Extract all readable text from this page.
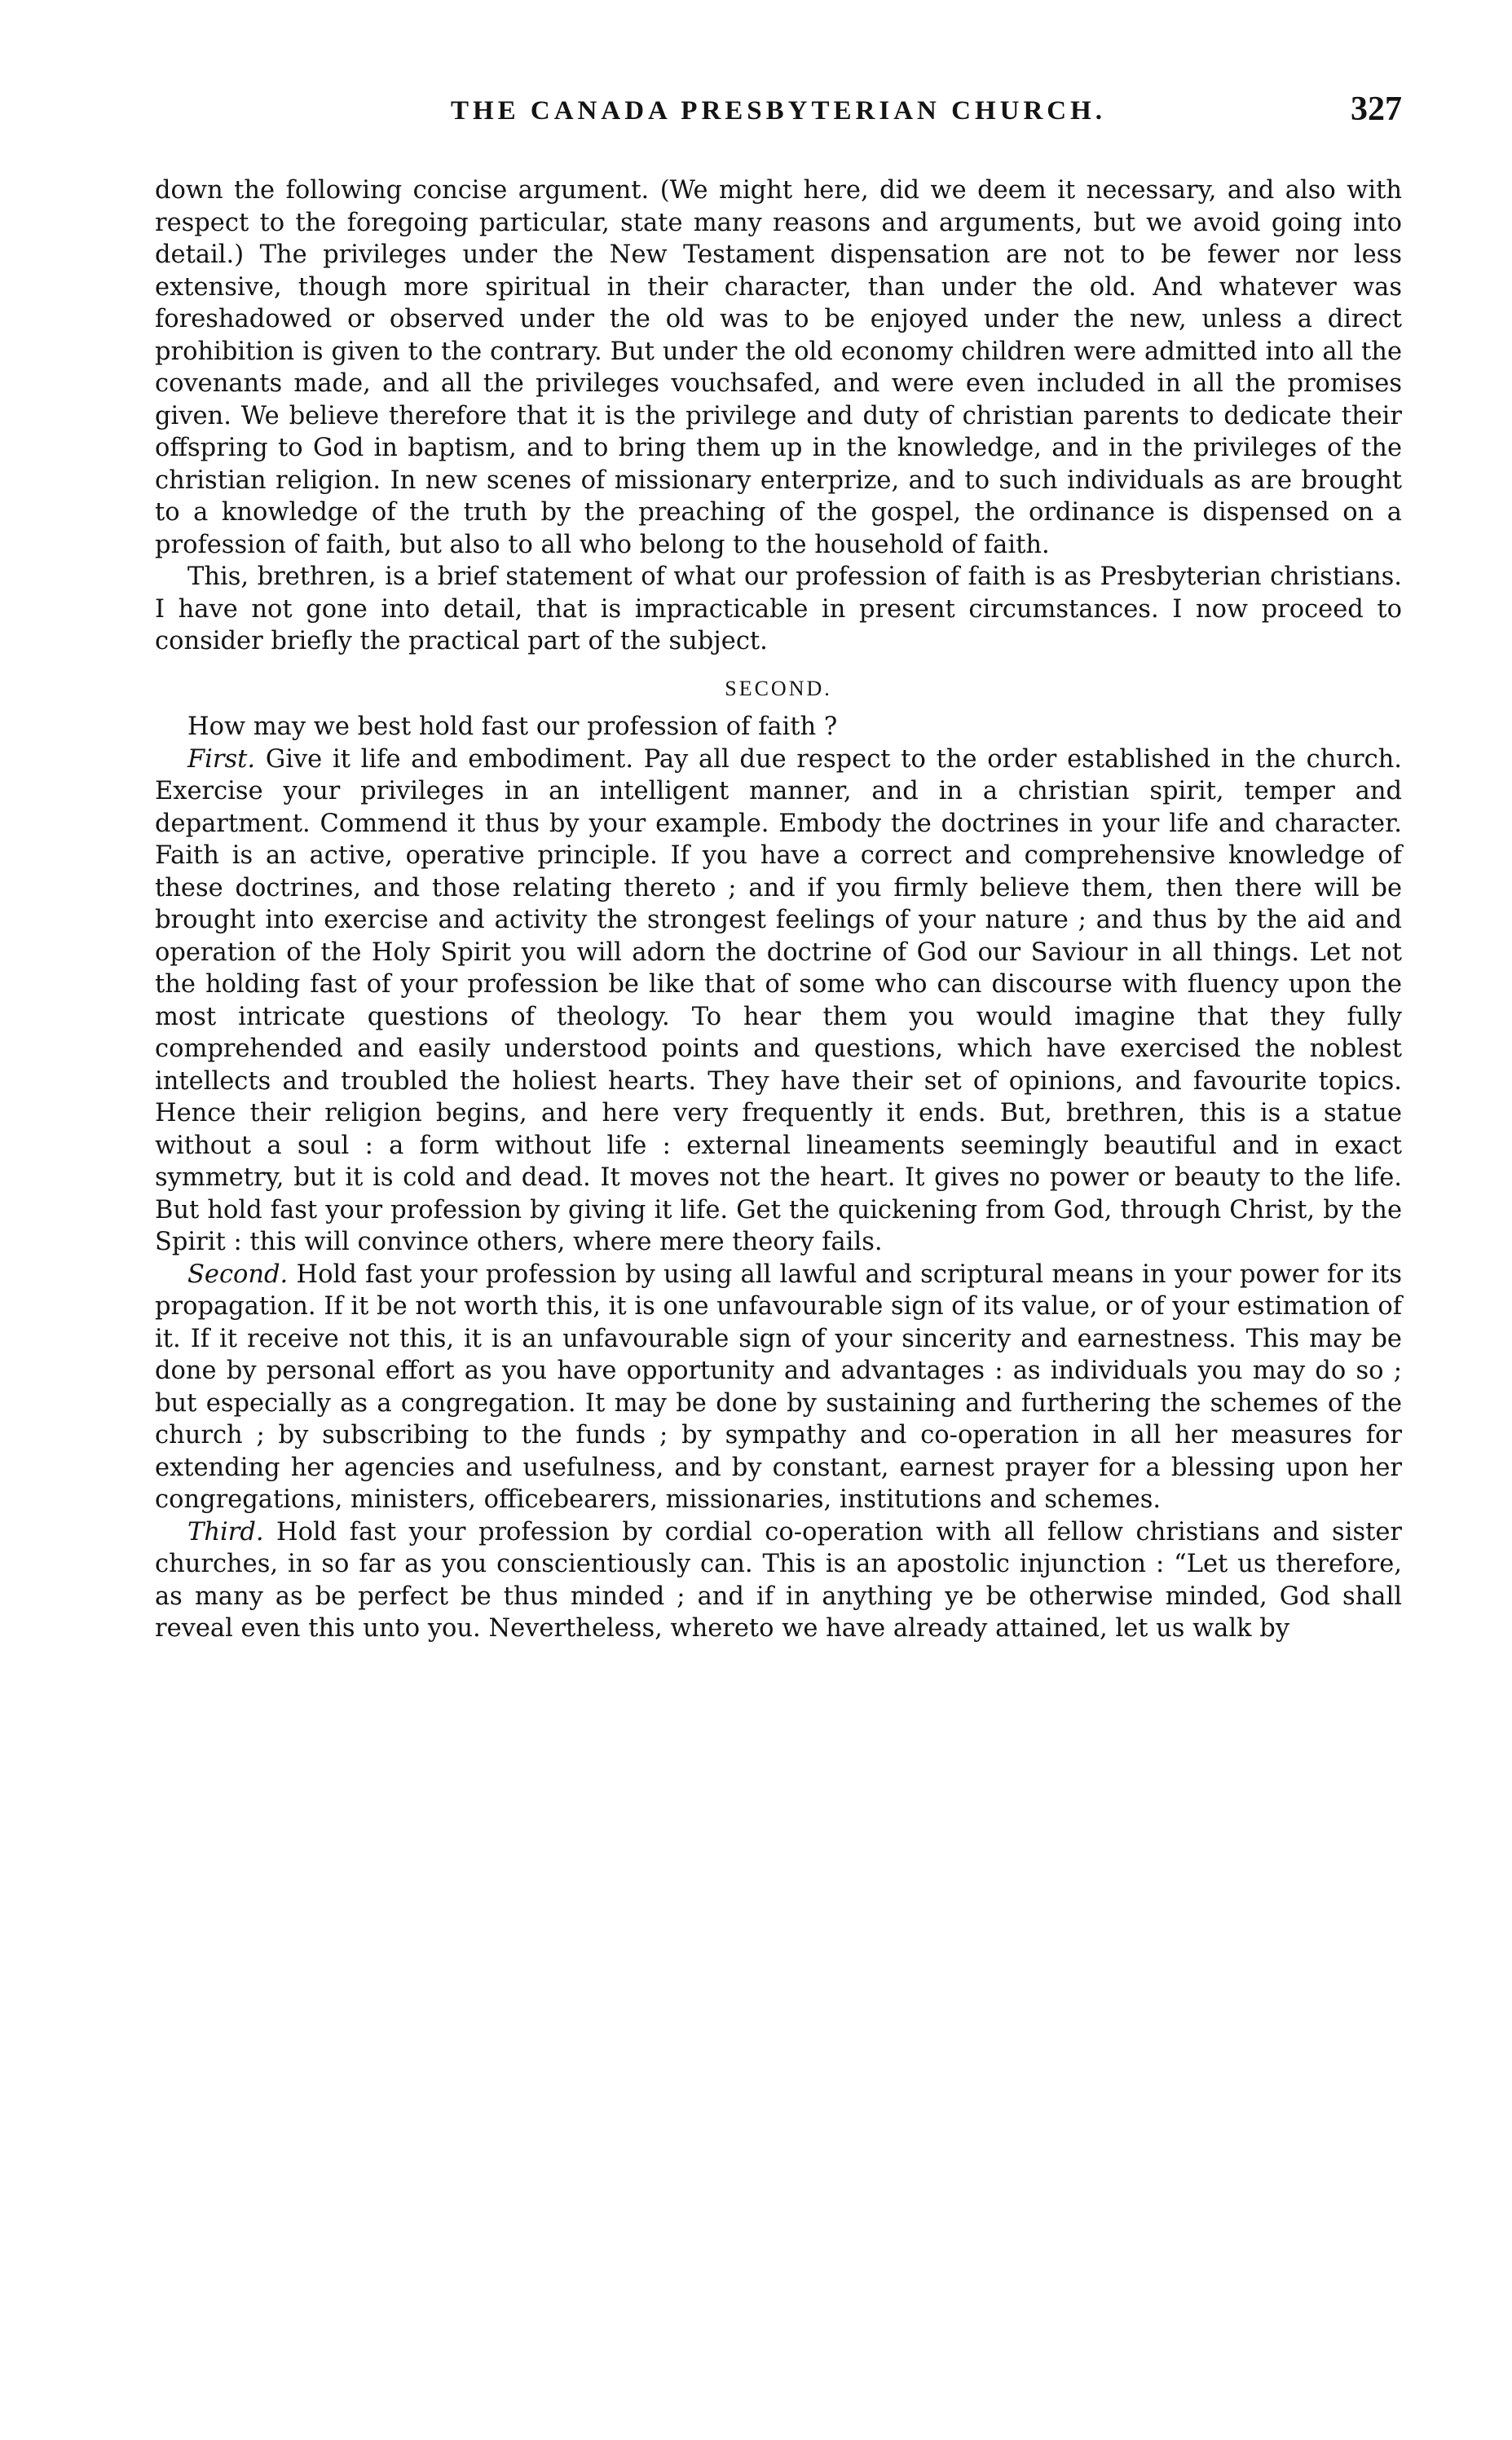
THE CANADA PRESBYTERIAN CHURCH.	327

down the following concise argument. (We might here, did we deem it necessary, and also with respect to the foregoing particular, state many reasons and arguments, but we avoid going into detail.) The privileges under the New Testament dispensation are not to be fewer nor less extensive, though more spiritual in their character, than under the old. And whatever was foreshadowed or observed under the old was to be enjoyed under the new, unless a direct prohibition is given to the contrary. But under the old economy children were admitted into all the covenants made, and all the privileges vouchsafed, and were even included in all the promises given. We believe therefore that it is the privilege and duty of christian parents to dedicate their offspring to God in baptism, and to bring them up in the knowledge, and in the privileges of the christian religion. In new scenes of missionary enterprize, and to such individuals as are brought to a knowledge of the truth by the preaching of the gospel, the ordinance is dispensed on a profession of faith, but also to all who belong to the household of faith.

This, brethren, is a brief statement of what our profession of faith is as Presbyterian christians. I have not gone into detail, that is impracticable in present circumstances. I now proceed to consider briefly the practical part of the subject.

SECOND.

How may we best hold fast our profession of faith ?

First. Give it life and embodiment. Pay all due respect to the order established in the church. Exercise your privileges in an intelligent manner, and in a christian spirit, temper and department. Commend it thus by your example. Embody the doctrines in your life and character. Faith is an active, operative principle. If you have a correct and comprehensive knowledge of these doctrines, and those relating thereto ; and if you firmly believe them, then there will be brought into exercise and activity the strongest feelings of your nature ; and thus by the aid and operation of the Holy Spirit you will adorn the doctrine of God our Saviour in all things. Let not the holding fast of your profession be like that of some who can discourse with fluency upon the most intricate questions of theology. To hear them you would imagine that they fully comprehended and easily understood points and questions, which have exercised the noblest intellects and troubled the holiest hearts. They have their set of opinions, and favourite topics. Hence their religion begins, and here very frequently it ends. But, brethren, this is a statue without a soul : a form without life : external lineaments seemingly beautiful and in exact symmetry, but it is cold and dead. It moves not the heart. It gives no power or beauty to the life. But hold fast your profession by giving it life. Get the quickening from God, through Christ, by the Spirit : this will convince others, where mere theory fails.

Second. Hold fast your profession by using all lawful and scriptural means in your power for its propagation. If it be not worth this, it is one unfavourable sign of its value, or of your estimation of it. If it receive not this, it is an unfavourable sign of your sincerity and earnestness. This may be done by personal effort as you have opportunity and advantages : as individuals you may do so ; but especially as a congregation. It may be done by sustaining and furthering the schemes of the church ; by subscribing to the funds ; by sympathy and co-operation in all her measures for extending her agencies and usefulness, and by constant, earnest prayer for a blessing upon her congregations, ministers, officebearers, missionaries, institutions and schemes.

Third. Hold fast your profession by cordial co-operation with all fellow christians and sister churches, in so far as you conscientiously can. This is an apostolic injunction : “Let us therefore, as many as be perfect be thus minded ; and if in anything ye be otherwise minded, God shall reveal even this unto you. Nevertheless, whereto we have already attained, let us walk by
